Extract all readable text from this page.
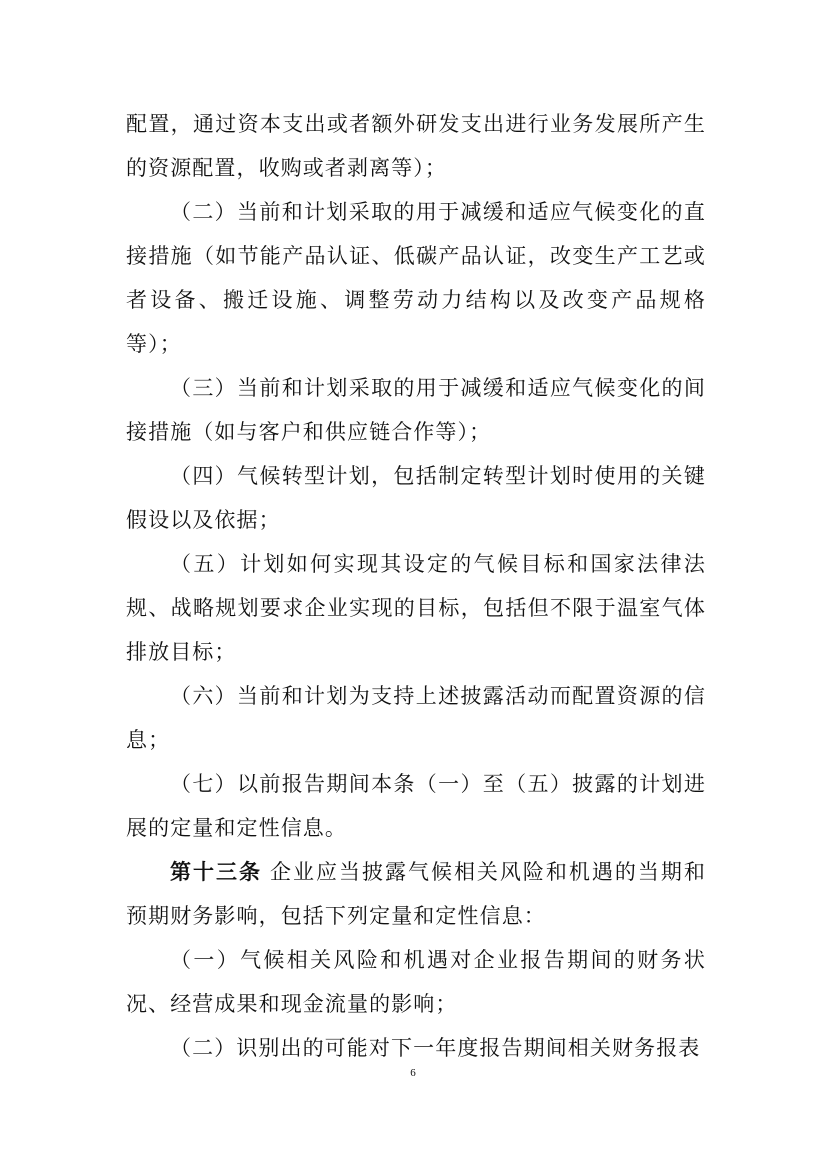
配置，通过资本支出或者额外研发支出进行业务发展所产生的资源配置，收购或者剥离等）；

（二）当前和计划采取的用于减缓和适应气候变化的直接措施（如节能产品认证、低碳产品认证，改变生产工艺或者设备、搬迁设施、调整劳动力结构以及改变产品规格等）；

（三）当前和计划采取的用于减缓和适应气候变化的间接措施（如与客户和供应链合作等）；

（四）气候转型计划，包括制定转型计划时使用的关键假设以及依据；

（五）计划如何实现其设定的气候目标和国家法律法规、战略规划要求企业实现的目标，包括但不限于温室气体排放目标；

（六）当前和计划为支持上述披露活动而配置资源的信息；

（七）以前报告期间本条（一）至（五）披露的计划进展的定量和定性信息。

第十三条 企业应当披露气候相关风险和机遇的当期和预期财务影响，包括下列定量和定性信息：

（一）气候相关风险和机遇对企业报告期间的财务状况、经营成果和现金流量的影响；

（二）识别出的可能对下一年度报告期间相关财务报表

6
